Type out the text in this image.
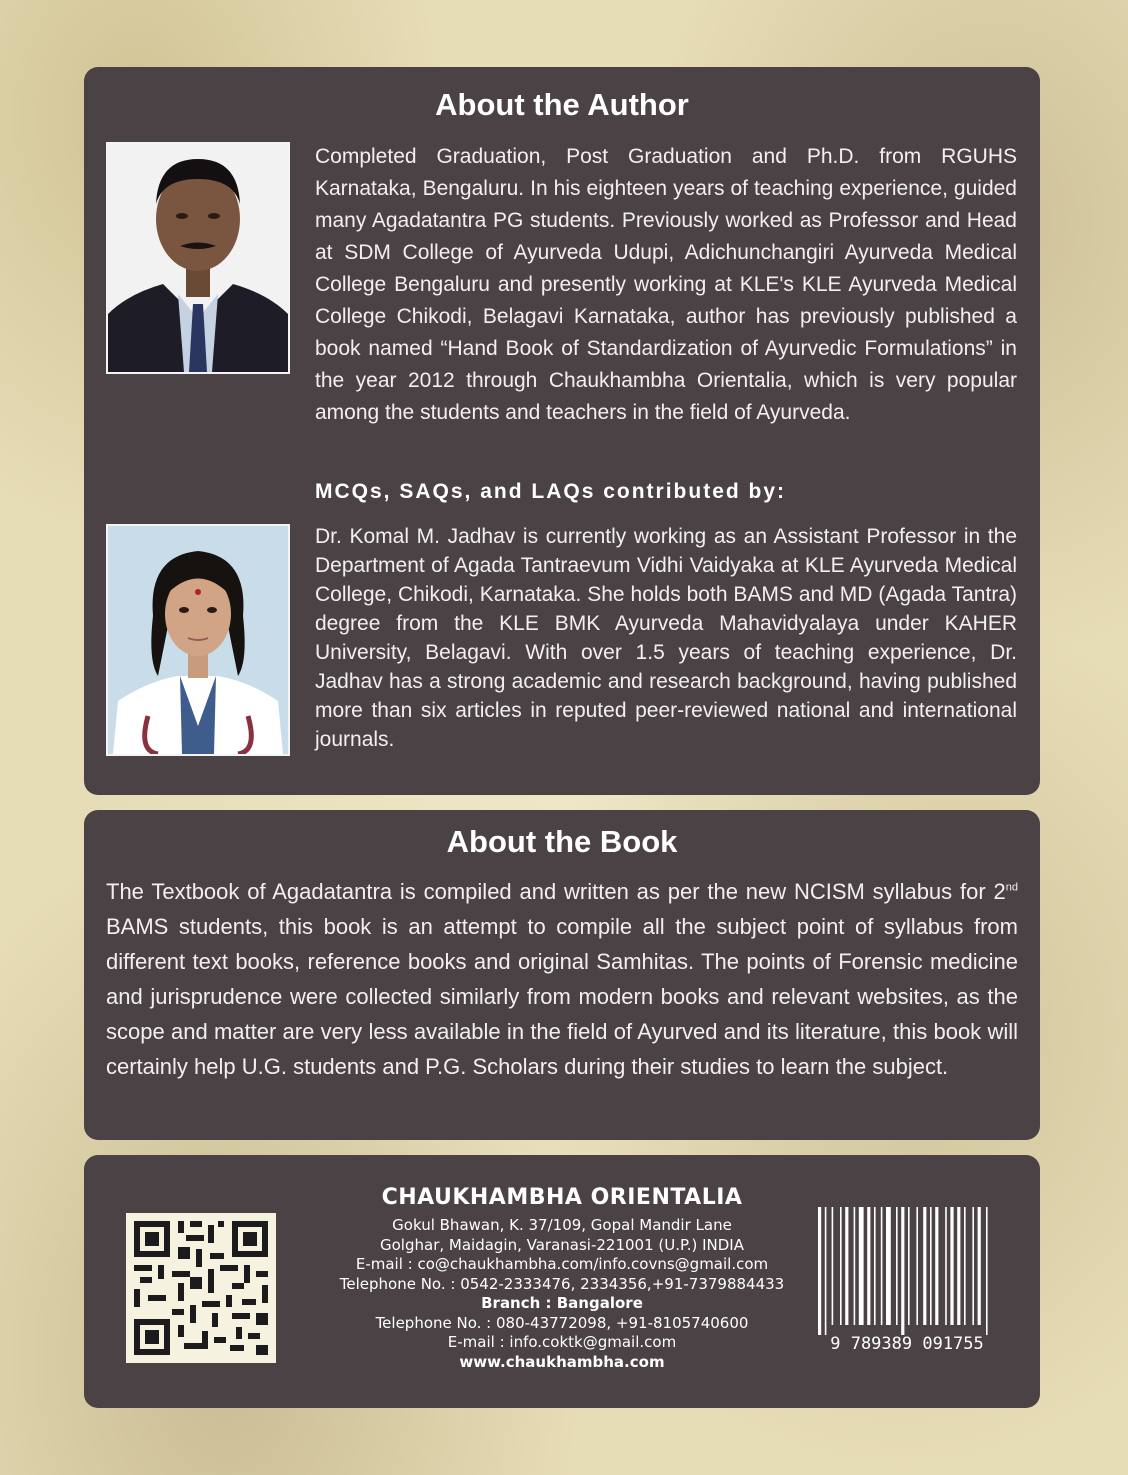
About the Author

Completed Graduation, Post Graduation and Ph.D. from RGUHS Karnataka, Bengaluru. In his eighteen years of teaching experience, guided many Agadatantra PG students. Previously worked as Professor and Head at SDM College of Ayurveda Udupi, Adichunchangiri Ayurveda Medical College Bengaluru and presently working at KLE's KLE Ayurveda Medical College Chikodi, Belagavi Karnataka, author has previously published a book named “Hand Book of Standardization of Ayurvedic Formulations” in the year 2012 through Chaukhambha Orientalia, which is very popular among the students and teachers in the field of Ayurveda.

MCQs, SAQs, and LAQs contributed by:

Dr. Komal M. Jadhav is currently working as an Assistant Professor in the Department of Agada Tantraevum Vidhi Vaidyaka at KLE Ayurveda Medical College, Chikodi, Karnataka. She holds both BAMS and MD (Agada Tantra) degree from the KLE BMK Ayurveda Mahavidyalaya under KAHER University, Belagavi. With over 1.5 years of teaching experience, Dr. Jadhav has a strong academic and research background, having published more than six articles in reputed peer-reviewed national and international journals.

About the Book

The Textbook of Agadatantra is compiled and written as per the new NCISM syllabus for 2nd BAMS students, this book is an attempt to compile all the subject point of syllabus from different text books, reference books and original Samhitas. The points of Forensic medicine and jurisprudence were collected similarly from modern books and relevant websites, as the scope and matter are very less available in the field of Ayurved and its literature, this book will certainly help U.G. students and P.G. Scholars during their studies to learn the subject.

CHAUKHAMBHA ORIENTALIA
Gokul Bhawan, K. 37/109, Gopal Mandir Lane
Golghar, Maidagin, Varanasi-221001 (U.P.) INDIA
E-mail : co@chaukhambha.com/info.covns@gmail.com
Telephone No. : 0542-2333476, 2334356,+91-7379884433
Branch : Bangalore
Telephone No. : 080-43772098, +91-8105740600
E-mail : info.coktk@gmail.com
www.chaukhambha.com
9 789389 091755
